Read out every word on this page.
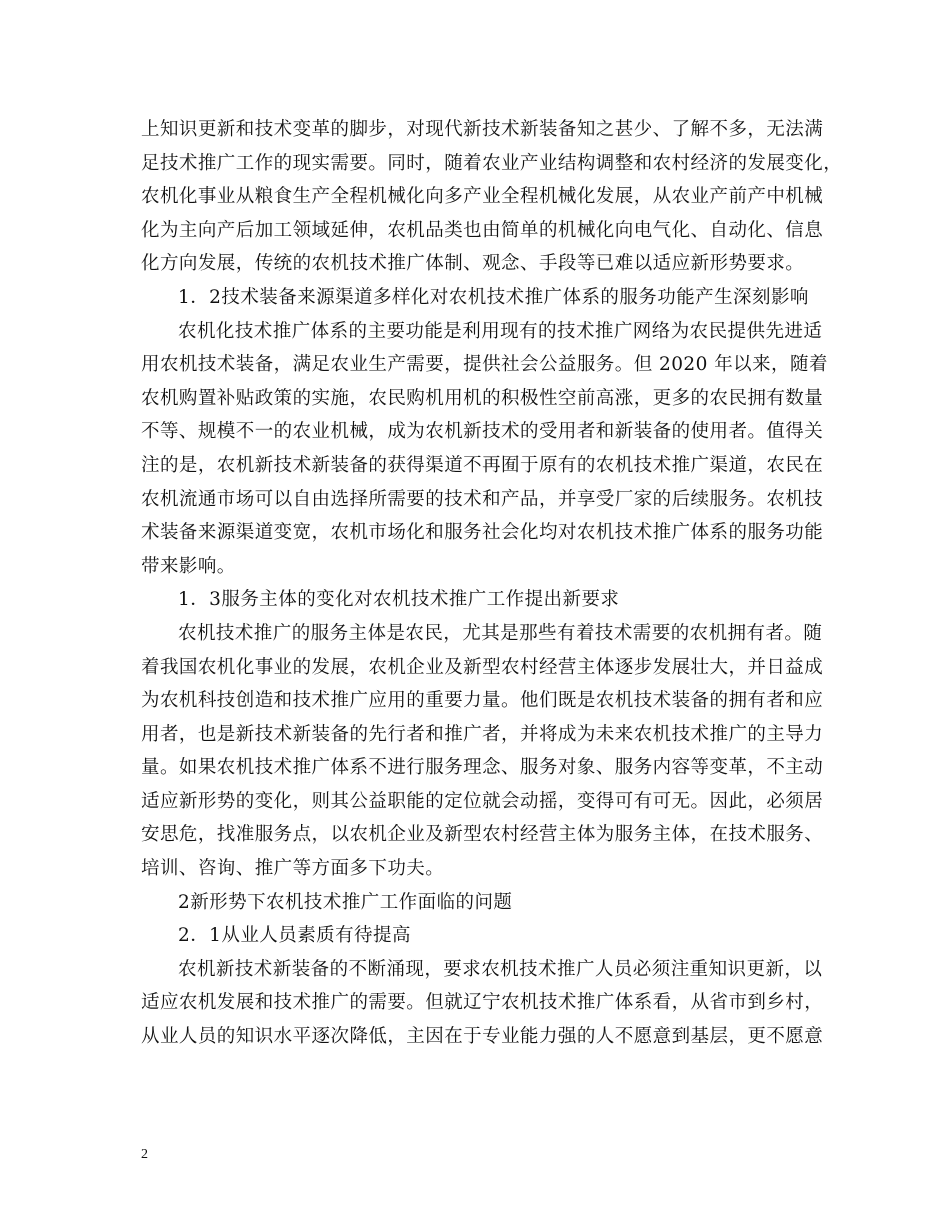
上知识更新和技术变革的脚步，对现代新技术新装备知之甚少、了解不多，无法满
足技术推广工作的现实需要。同时，随着农业产业结构调整和农村经济的发展变化，
农机化事业从粮食生产全程机械化向多产业全程机械化发展，从农业产前产中机械
化为主向产后加工领域延伸，农机品类也由简单的机械化向电气化、自动化、信息
化方向发展，传统的农机技术推广体制、观念、手段等已难以适应新形势要求。
1．2技术装备来源渠道多样化对农机技术推广体系的服务功能产生深刻影响
农机化技术推广体系的主要功能是利用现有的技术推广网络为农民提供先进适
用农机技术装备，满足农业生产需要，提供社会公益服务。但 2020 年以来，随着
农机购置补贴政策的实施，农民购机用机的积极性空前高涨，更多的农民拥有数量
不等、规模不一的农业机械，成为农机新技术的受用者和新装备的使用者。值得关
注的是，农机新技术新装备的获得渠道不再囿于原有的农机技术推广渠道，农民在
农机流通市场可以自由选择所需要的技术和产品，并享受厂家的后续服务。农机技
术装备来源渠道变宽，农机市场化和服务社会化均对农机技术推广体系的服务功能
带来影响。
1．3服务主体的变化对农机技术推广工作提出新要求
农机技术推广的服务主体是农民，尤其是那些有着技术需要的农机拥有者。随
着我国农机化事业的发展，农机企业及新型农村经营主体逐步发展壮大，并日益成
为农机科技创造和技术推广应用的重要力量。他们既是农机技术装备的拥有者和应
用者，也是新技术新装备的先行者和推广者，并将成为未来农机技术推广的主导力
量。如果农机技术推广体系不进行服务理念、服务对象、服务内容等变革，不主动
适应新形势的变化，则其公益职能的定位就会动摇，变得可有可无。因此，必须居
安思危，找准服务点，以农机企业及新型农村经营主体为服务主体，在技术服务、
培训、咨询、推广等方面多下功夫。
2新形势下农机技术推广工作面临的问题
2．1从业人员素质有待提高
农机新技术新装备的不断涌现，要求农机技术推广人员必须注重知识更新，以
适应农机发展和技术推广的需要。但就辽宁农机技术推广体系看，从省市到乡村，
从业人员的知识水平逐次降低，主因在于专业能力强的人不愿意到基层，更不愿意

2
